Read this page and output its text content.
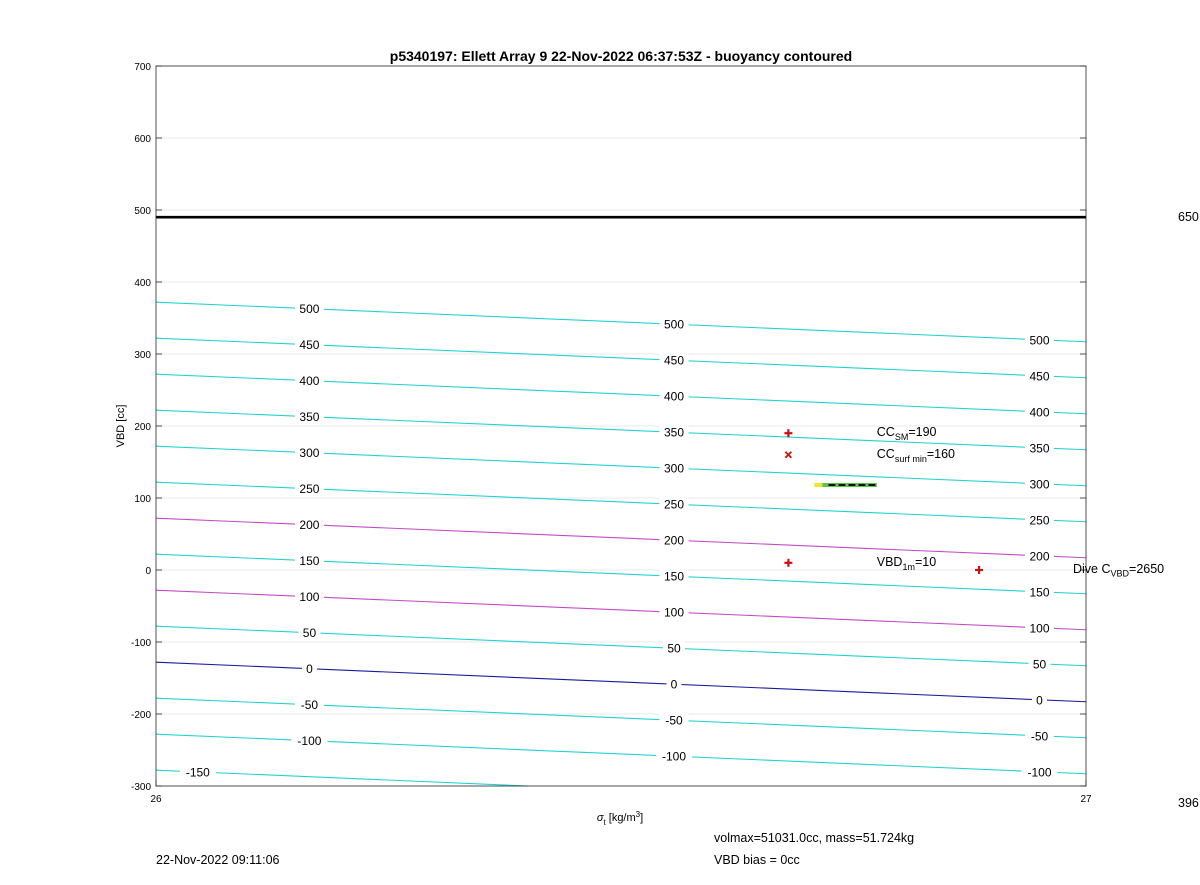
-150
-100
-100
-100
-50
-50
-50
0
0
0
50
50
50
100
100
100
150
150
150
200
200
200
250
250
250
300
300
300
350
350
350
400
400
400
450
450
450
500
500
500
700
600
500
400
300
200
100
0
-100
-200
-300
26	27
p5340197: Ellett Array 9 22-Nov-2022 06:37:53Z - buoyancy contoured
VBD [cc]
$\sigma_t$ $[kg/m^3]$
$CC_{SM}=190$
$CC_{surf min}=160$
$VBD_{1m}=10$
650
396
Dive $C_{VBD}=2650$
volmax=51031.0cc, mass=51.724kg
VBD bias = 0cc
22-Nov-2022 09:11:06
